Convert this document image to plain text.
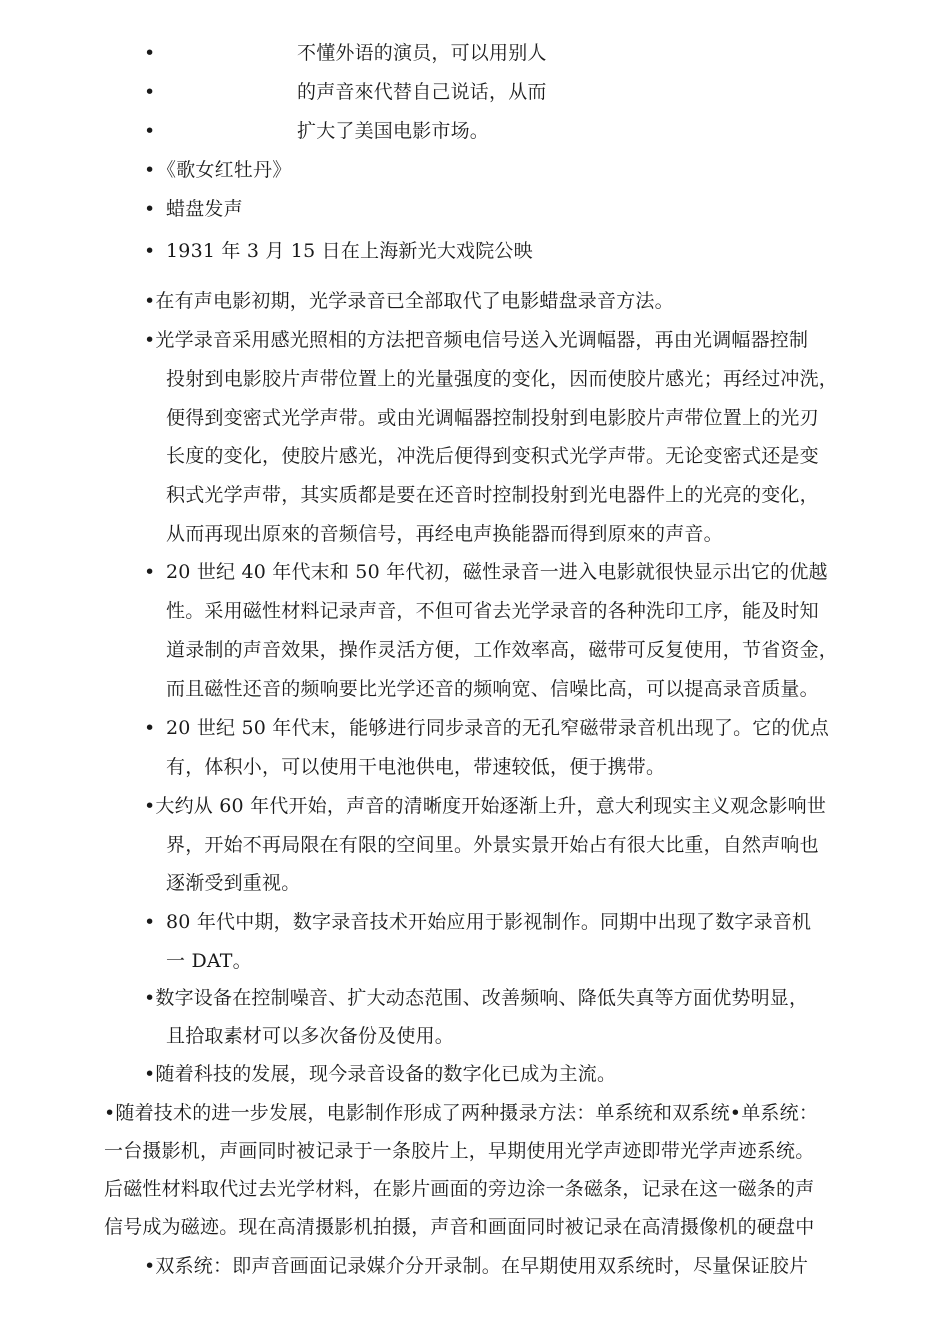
•	不懂外语的演员，可以用别人
•	的声音來代替自己说话，从而
•	扩大了美国电影市场。
• 《歌女红牡丹》
• 蜡盘发声
• 1931 年 3 月 15 日在上海新光大戏院公映
•在有声电影初期，光学录音已全部取代了电影蜡盘录音方法。
•光学录音采用感光照相的方法把音频电信号送入光调幅器，再由光调幅器控制
投射到电影胶片声带位置上的光量强度的变化，因而使胶片感光；再经过冲洗，
便得到变密式光学声带。或由光调幅器控制投射到电影胶片声带位置上的光刃
长度的变化，使胶片感光，冲洗后便得到变积式光学声带。无论变密式还是变
积式光学声带，其实质都是要在还音时控制投射到光电器件上的光亮的变化，
从而再现出原來的音频信号，再经电声换能器而得到原來的声音。
• 20 世纪 40 年代末和 50 年代初，磁性录音一进入电影就很快显示出它的优越
性。采用磁性材料记录声音，不但可省去光学录音的各种洗印工序，能及时知
道录制的声音效果，操作灵活方便，工作效率高，磁带可反复使用，节省资金，
而且磁性还音的频响要比光学还音的频响宽、信噪比高，可以提高录音质量。
• 20 世纪 50 年代末，能够进行同步录音的无孔窄磁带录音机出现了。它的优点
有，体积小，可以使用干电池供电，带速较低，便于携带。
•大约从 60 年代开始，声音的清晰度开始逐渐上升，意大利现实主义观念影响世
界，开始不再局限在有限的空间里。外景实景开始占有很大比重，自然声响也
逐渐受到重视。
• 80 年代中期，数字录音技术开始应用于影视制作。同期中出现了数字录音机
一 DAT。
•数字设备在控制噪音、扩大动态范围、改善频响、降低失真等方面优势明显，
且拾取素材可以多次备份及使用。
•随着科技的发展，现今录音设备的数字化已成为主流。
•随着技术的进一步发展，电影制作形成了两种摄录方法：单系统和双系统•单系统：
一台摄影机，声画同时被记录于一条胶片上，早期使用光学声迹即带光学声迹系统。
后磁性材料取代过去光学材料，在影片画面的旁边涂一条磁条，记录在这一磁条的声
信号成为磁迹。现在高清摄影机拍摄，声音和画面同时被记录在高清摄像机的硬盘中
•双系统：即声音画面记录媒介分开录制。在早期使用双系统时，尽量保证胶片
